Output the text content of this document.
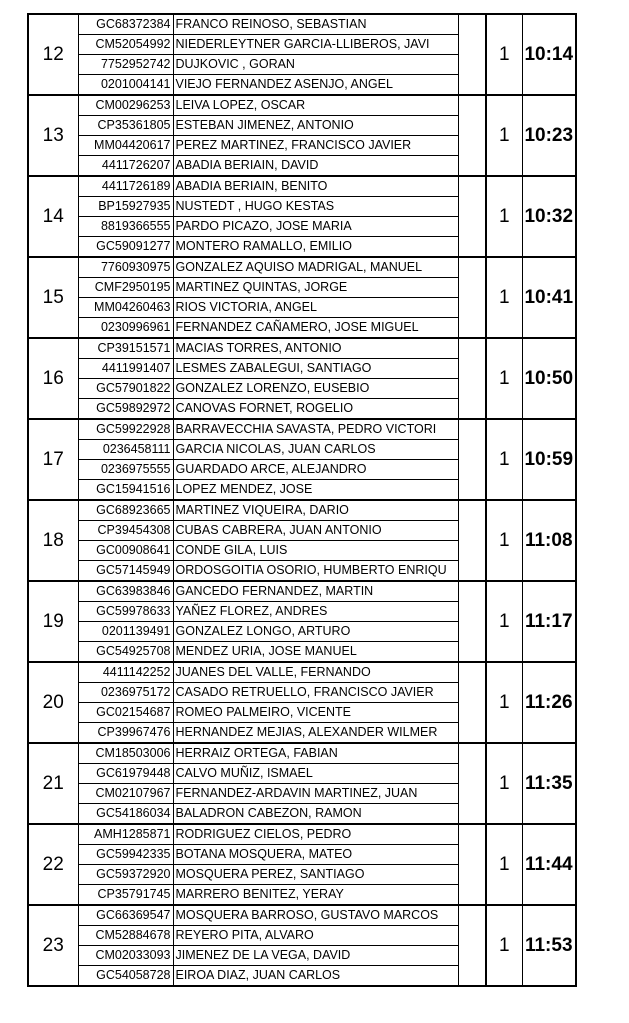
12	GC68372384	FRANCO REINOSO, SEBASTIAN		1	10:14
	CM52054992	NIEDERLEYTNER GARCIA-LLIBEROS, JAVI			
	7752952742	DUJKOVIC , GORAN			
	0201004141	VIEJO FERNANDEZ ASENJO, ANGEL			
13	CM00296253	LEIVA LOPEZ, OSCAR		1	10:23
	CP35361805	ESTEBAN JIMENEZ, ANTONIO			
	MM04420617	PEREZ MARTINEZ, FRANCISCO JAVIER			
	4411726207	ABADIA BERIAIN, DAVID			
14	4411726189	ABADIA BERIAIN, BENITO		1	10:32
	BP15927935	NUSTEDT , HUGO KESTAS			
	8819366555	PARDO PICAZO, JOSE MARIA			
	GC59091277	MONTERO RAMALLO, EMILIO			
15	7760930975	GONZALEZ AQUISO MADRIGAL, MANUEL		1	10:41
	CMF2950195	MARTINEZ QUINTAS, JORGE			
	MM04260463	RIOS VICTORIA, ANGEL			
	0230996961	FERNANDEZ CAÑAMERO, JOSE MIGUEL			
16	CP39151571	MACIAS TORRES, ANTONIO		1	10:50
	4411991407	LESMES ZABALEGUI, SANTIAGO			
	GC57901822	GONZALEZ LORENZO, EUSEBIO			
	GC59892972	CANOVAS FORNET, ROGELIO			
17	GC59922928	BARRAVECCHIA SAVASTA, PEDRO VICTORI		1	10:59
	0236458111	GARCIA NICOLAS, JUAN CARLOS			
	0236975555	GUARDADO ARCE, ALEJANDRO			
	GC15941516	LOPEZ MENDEZ, JOSE			
18	GC68923665	MARTINEZ VIQUEIRA, DARIO		1	11:08
	CP39454308	CUBAS CABRERA, JUAN ANTONIO			
	GC00908641	CONDE GILA, LUIS			
	GC57145949	ORDOSGOITIA OSORIO, HUMBERTO ENRIQU			
19	GC63983846	GANCEDO FERNANDEZ, MARTIN		1	11:17
	GC59978633	YAÑEZ FLOREZ, ANDRES			
	0201139491	GONZALEZ LONGO, ARTURO			
	GC54925708	MENDEZ URIA, JOSE MANUEL			
20	4411142252	JUANES DEL VALLE, FERNANDO		1	11:26
	0236975172	CASADO RETRUELLO, FRANCISCO JAVIER			
	GC02154687	ROMEO PALMEIRO, VICENTE			
	CP39967476	HERNANDEZ MEJIAS, ALEXANDER WILMER			
21	CM18503006	HERRAIZ ORTEGA, FABIAN		1	11:35
	GC61979448	CALVO MUÑIZ, ISMAEL			
	CM02107967	FERNANDEZ-ARDAVIN MARTINEZ, JUAN			
	GC54186034	BALADRON CABEZON, RAMON			
22	AMH1285871	RODRIGUEZ CIELOS, PEDRO		1	11:44
	GC59942335	BOTANA MOSQUERA, MATEO			
	GC59372920	MOSQUERA PEREZ, SANTIAGO			
	CP35791745	MARRERO BENITEZ, YERAY			
23	GC66369547	MOSQUERA BARROSO, GUSTAVO MARCOS		1	11:53
	CM52884678	REYERO PITA, ALVARO			
	CM02033093	JIMENEZ DE LA VEGA, DAVID			
	GC54058728	EIROA DIAZ, JUAN CARLOS			
